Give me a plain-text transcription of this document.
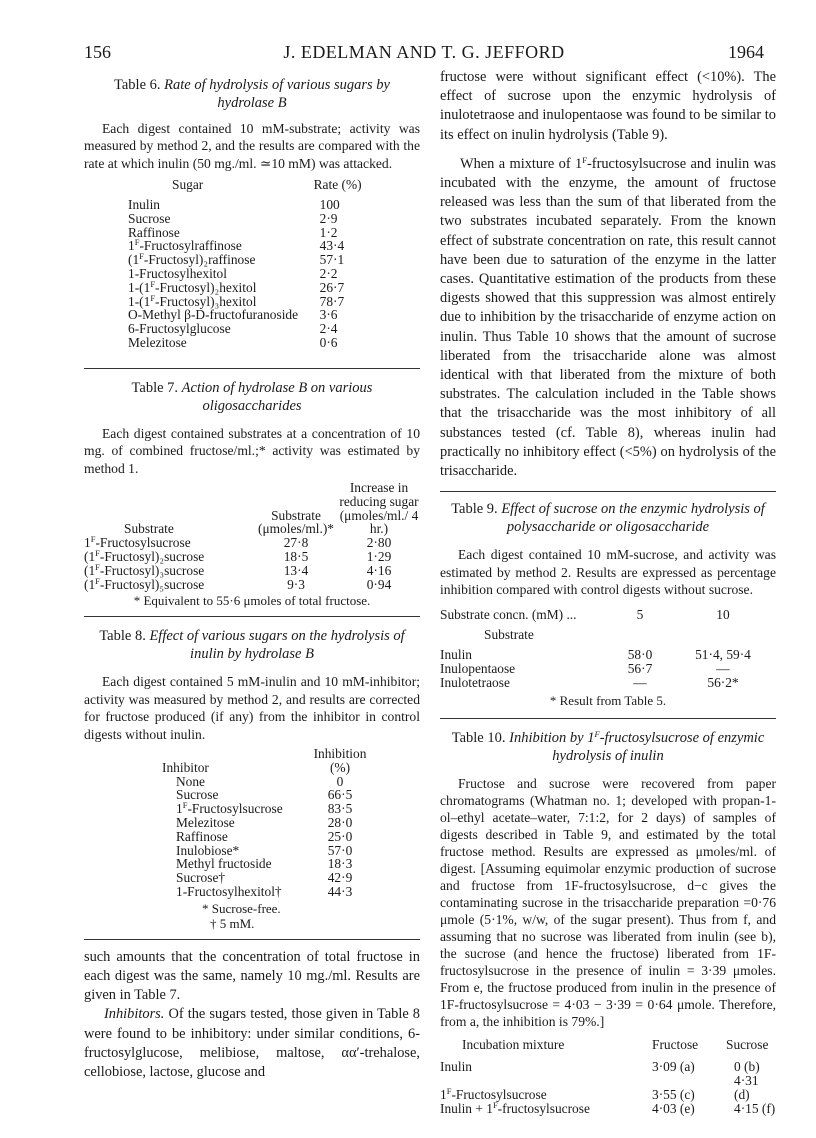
156	J. EDELMAN AND T. G. JEFFORD	1964

Table 6. Rate of hydrolysis of various sugars by hydrolase B

Each digest contained 10 mM-substrate; activity was measured by method 2, and the results are compared with the rate at which inulin (50 mg./ml. ≃10 mM) was attacked.

Sugar	Rate (%)
Inulin	100
Sucrose	2·9
Raffinose	1·2
$1^F$-Fructosylraffinose	43·4
$(1^F-Fructosyl)_2raffinose$	57·1
1-Fructosylhexitol	2·2
$1-(1^F-Fructosyl)_2hexitol$	26·7
$1-(1^F-Fructosyl)_3hexitol$	78·7
O-Methyl β-D-fructofuranoside	3·6
6-Fructosylglucose	2·4
Melezitose	0·6

Table 7. Action of hydrolase B on various oligosaccharides

Each digest contained substrates at a concentration of 10 mg. of combined fructose/ml.;* activity was estimated by method 1.

Substrate	Substrate (μmoles/ml.)*	Increase in reducing sugar (μmoles/ml./ 4 hr.)
$1^F$-Fructosylsucrose	27·8	2·80
$(1^F-Fructosyl)_2sucrose$	18·5	1·29
$(1^F-Fructosyl)_3sucrose$	13·4	4·16
$(1^F-Fructosyl)_5sucrose$	9·3	0·94
* Equivalent to 55·6 μmoles of total fructose.

Table 8. Effect of various sugars on the hydrolysis of inulin by hydrolase B

Each digest contained 5 mM-inulin and 10 mM-inhibitor; activity was measured by method 2, and results are corrected for fructose produced (if any) from the inhibitor in control digests without inulin.

Inhibitor	Inhibition (%)
None	0
Sucrose	66·5
$1^F$-Fructosylsucrose	83·5
Melezitose	28·0
Raffinose	25·0
Inulobiose*	57·0
Methyl fructoside	18·3
Sucrose†	42·9
1-Fructosylhexitol†	44·3
* Sucrose-free.
† 5 mM.

such amounts that the concentration of total fructose in each digest was the same, namely 10 mg./ml. Results are given in Table 7.

Inhibitors. Of the sugars tested, those given in Table 8 were found to be inhibitory: under similar conditions, 6-fructosylglucose, melibiose, maltose, αα′-trehalose, cellobiose, lactose, glucose and

fructose were without significant effect (<10%). The effect of sucrose upon the enzymic hydrolysis of inulotetraose and inulopentaose was found to be similar to its effect on inulin hydrolysis (Table 9).

When a mixture of $1^F$-fructosylsucrose and inulin was incubated with the enzyme, the amount of fructose released was less than the sum of that liberated from the two substrates incubated separately. From the known effect of substrate concentration on rate, this result cannot have been due to saturation of the enzyme in the latter cases. Quantitative estimation of the products from these digests showed that this suppression was almost entirely due to inhibition by the trisaccharide of enzyme action on inulin. Thus Table 10 shows that the amount of sucrose liberated from the trisaccharide alone was almost identical with that liberated from the mixture of both substrates. The calculation included in the Table shows that the trisaccharide was the most inhibitory of all substances tested (cf. Table 8), whereas inulin had practically no inhibitory effect (<5%) on hydrolysis of the trisaccharide.

Table 9. Effect of sucrose on the enzymic hydrolysis of polysaccharide or oligosaccharide

Each digest contained 10 mM-sucrose, and activity was estimated by method 2. Results are expressed as percentage inhibition compared with control digests without sucrose.

Substrate concn. (mM) ...	5	10
Substrate		
Inulin	58·0	51·4, 59·4
Inulopentaose	56·7	—
Inulotetraose	—	56·2*
* Result from Table 5.

Table 10. Inhibition by $1^F$-fructosylsucrose of enzymic hydrolysis of inulin

Fructose and sucrose were recovered from paper chromatograms (Whatman no. 1; developed with propan-1-ol–ethyl acetate–water, 7:1:2, for 2 days) of samples of digests described in Table 9, and estimated by the total fructose method. Results are expressed as μmoles/ml. of digest. [Assuming equimolar enzymic production of sucrose and fructose from 1F-fructosylsucrose, d−c gives the contaminating sucrose in the trisaccharide preparation =0·76 μmole (5·1%, w/w, of the sugar present). Thus from f, and assuming that no sucrose was liberated from inulin (see b), the sucrose (and hence the fructose) liberated from 1F-fructosylsucrose in the presence of inulin = 3·39 μmoles. From e, the fructose produced from inulin in the presence of 1F-fructosylsucrose = 4·03 − 3·39 = 0·64 μmole. Therefore, from a, the inhibition is 79%.]

Incubation mixture	Fructose	Sucrose
Inulin	3·09 (a)	0 (b)
$1^F$-Fructosylsucrose	3·55 (c)	4·31 (d)
Inulin + $1^F$-fructosylsucrose	4·03 (e)	4·15 (f)
